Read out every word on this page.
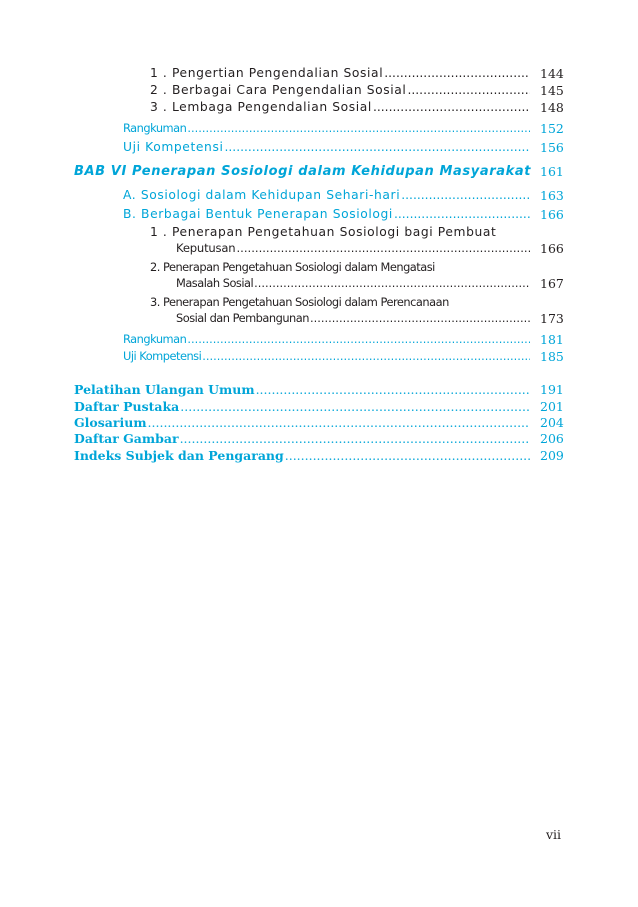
1 . Pengertian Pengendalian Sosial .....	144
2 . Berbagai Cara Pengendalian Sosial .....	145
3 . Lembaga Pengendalian Sosial .....	148
Rangkuman .....	152
Uji Kompetensi .....	156
BAB VI Penerapan Sosiologi dalam Kehidupan Masyarakat 161
A. Sosiologi dalam Kehidupan Sehari-hari .....	163
B. Berbagai Bentuk Penerapan Sosiologi .....	166
1 . Penerapan Pengetahuan Sosiologi bagi Pembuat
Keputusan .....	166
2. Penerapan Pengetahuan Sosiologi dalam Mengatasi
Masalah Sosial .....	167
3. Penerapan Pengetahuan Sosiologi dalam Perencanaan
Sosial dan Pembangunan .....	173
Rangkuman .....	181
Uji Kompetensi .....	185
Pelatihan Ulangan Umum .....	191
Daftar Pustaka .....	201
Glosarium .....	204
Daftar Gambar .....	206
Indeks Subjek dan Pengarang .....	209
vii
